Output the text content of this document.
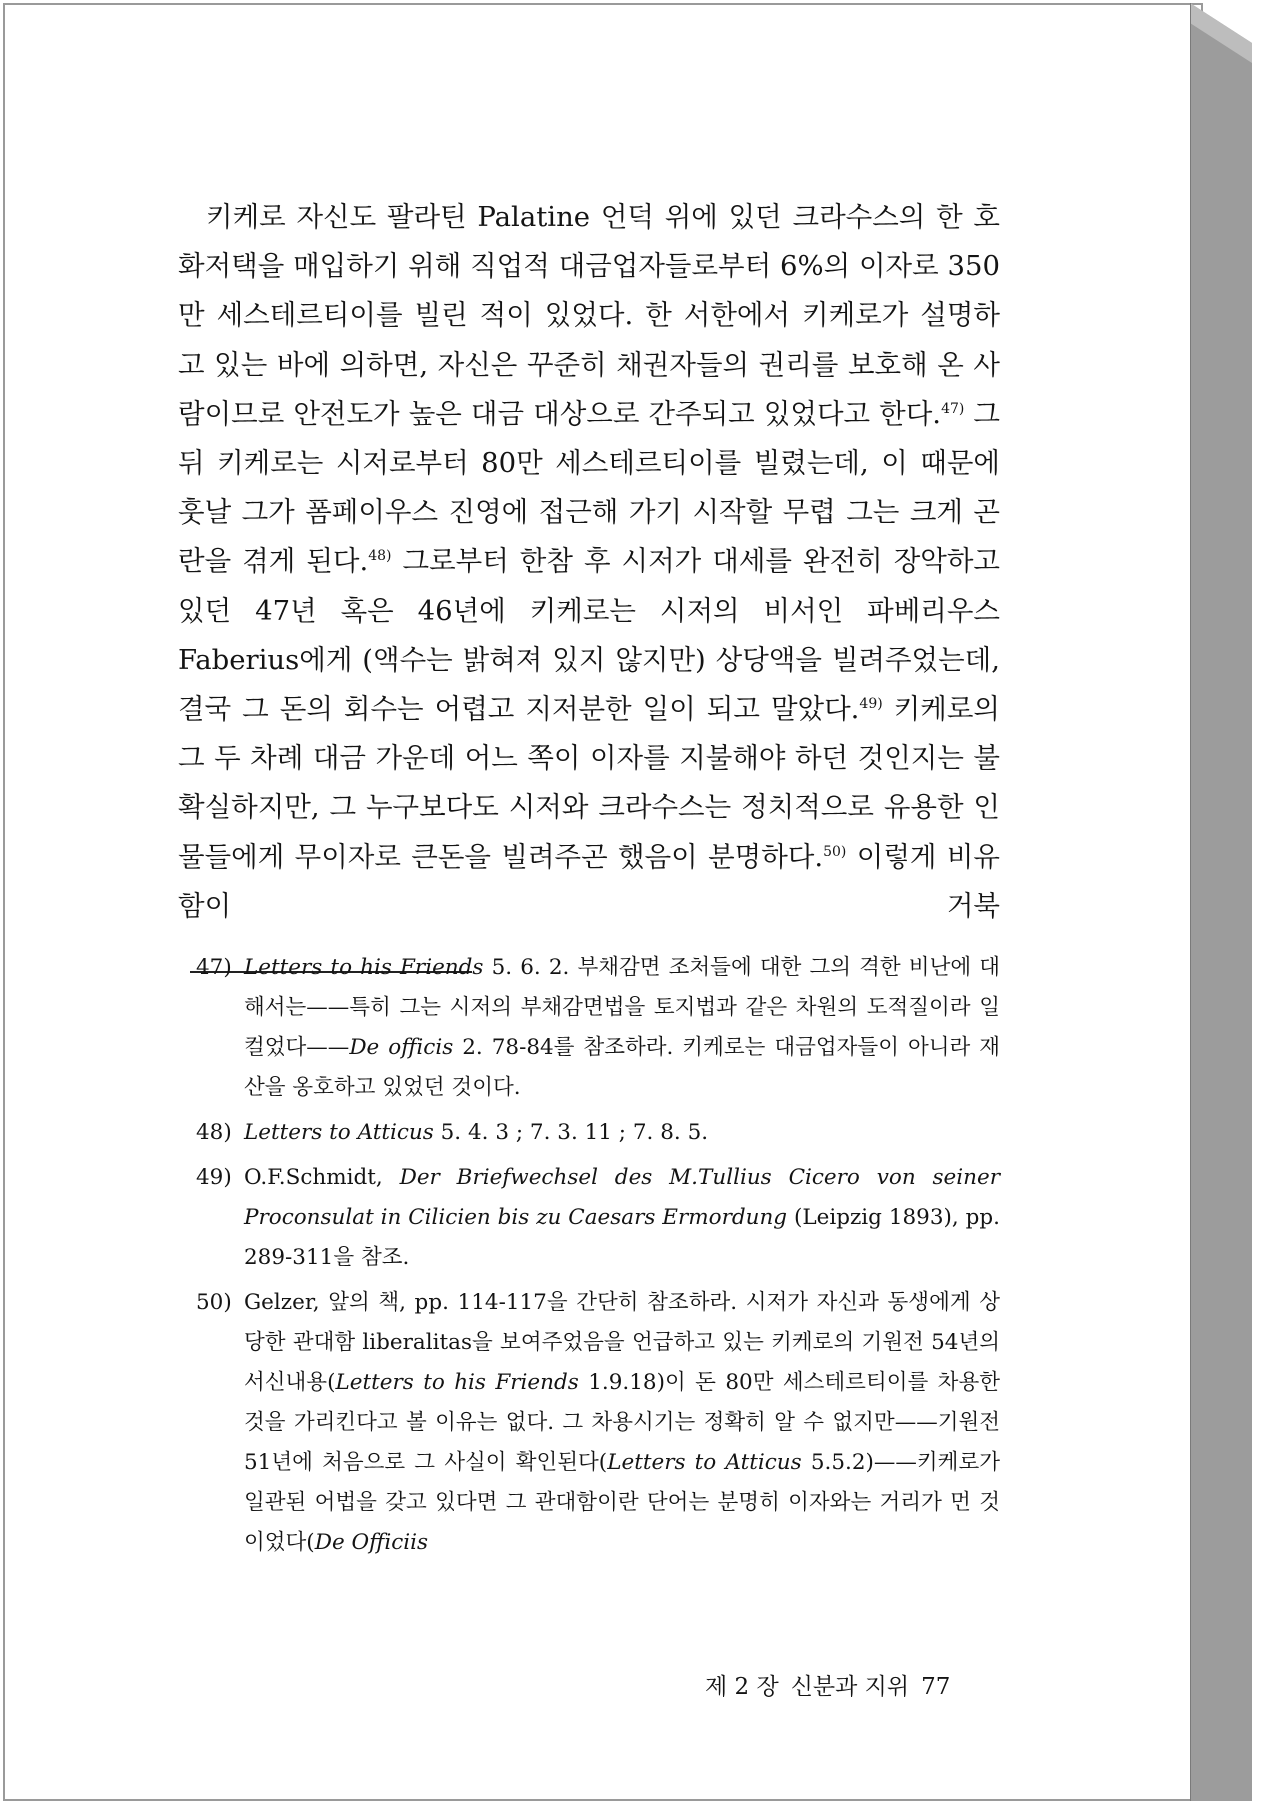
키케로 자신도 팔라틴 Palatine 언덕 위에 있던 크라수스의 한 호화저택을 매입하기 위해 직업적 대금업자들로부터 6%의 이자로 350만 세스테르티이를 빌린 적이 있었다. 한 서한에서 키케로가 설명하고 있는 바에 의하면, 자신은 꾸준히 채권자들의 권리를 보호해 온 사람이므로 안전도가 높은 대금 대상으로 간주되고 있었다고 한다.$^{47)}$ 그 뒤 키케로는 시저로부터 80만 세스테르티이를 빌렸는데, 이 때문에 훗날 그가 폼페이우스 진영에 접근해 가기 시작할 무렵 그는 크게 곤란을 겪게 된다.$^{48)}$ 그로부터 한참 후 시저가 대세를 완전히 장악하고 있던 47년 혹은 46년에 키케로는 시저의 비서인 파베리우스 Faberius에게 (액수는 밝혀져 있지 않지만) 상당액을 빌려주었는데, 결국 그 돈의 회수는 어렵고 지저분한 일이 되고 말았다.$^{49)}$ 키케로의 그 두 차례 대금 가운데 어느 쪽이 이자를 지불해야 하던 것인지는 불확실하지만, 그 누구보다도 시저와 크라수스는 정치적으로 유용한 인물들에게 무이자로 큰돈을 빌려주곤 했음이 분명하다.$^{50)}$ 이렇게 비유함이 거북

47) Letters to his Friends 5. 6. 2. 부채감면 조처들에 대한 그의 격한 비난에 대해서는——특히 그는 시저의 부채감면법을 토지법과 같은 차원의 도적질이라 일컬었다——De officis 2. 78-84를 참조하라. 키케로는 대금업자들이 아니라 재산을 옹호하고 있었던 것이다.

48) Letters to Atticus 5. 4. 3 ; 7. 3. 11 ; 7. 8. 5.

49) O.F.Schmidt, Der Briefwechsel des M.Tullius Cicero von seiner Proconsulat in Cilicien bis zu Caesars Ermordung (Leipzig 1893), pp. 289-311을 참조.

50) Gelzer, 앞의 책, pp. 114-117을 간단히 참조하라. 시저가 자신과 동생에게 상당한 관대함 liberalitas을 보여주었음을 언급하고 있는 키케로의 기원전 54년의 서신내용(Letters to his Friends 1.9.18)이 돈 80만 세스테르티이를 차용한 것을 가리킨다고 볼 이유는 없다. 그 차용시기는 정확히 알 수 없지만——기원전 51년에 처음으로 그 사실이 확인된다(Letters to Atticus 5.5.2)——키케로가 일관된 어법을 갖고 있다면 그 관대함이란 단어는 분명히 이자와는 거리가 먼 것이었다(De Officiis

제 2 장 신분과 지위 77
